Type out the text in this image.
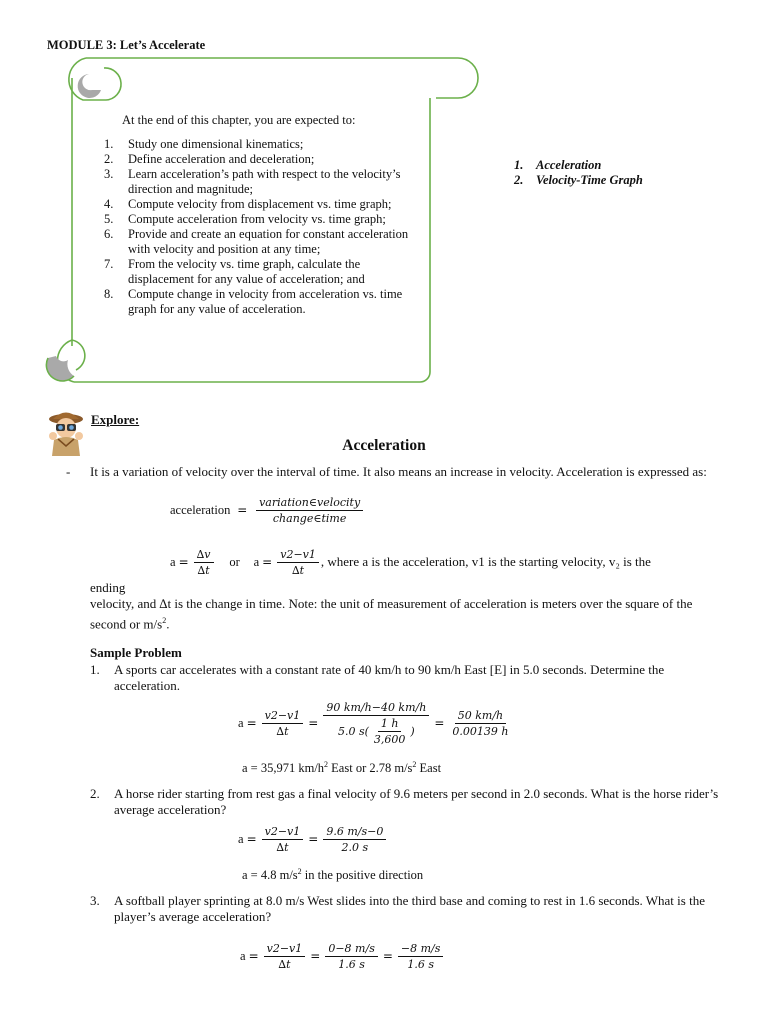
MODULE 3: Let’s Accelerate
At the end of this chapter, you are expected to:
1. Study one dimensional kinematics;
2. Define acceleration and deceleration;
3. Learn acceleration’s path with respect to the velocity’s direction and magnitude;
4. Compute velocity from displacement vs. time graph;
5. Compute acceleration from velocity vs. time graph;
6. Provide and create an equation for constant acceleration with velocity and position at any time;
7. From the velocity vs. time graph, calculate the displacement for any value of acceleration; and
8. Compute change in velocity from acceleration vs. time graph for any value of acceleration.
1. Acceleration
2. Velocity-Time Graph
Explore:
Acceleration
- It is a variation of velocity over the interval of time. It also means an increase in velocity. Acceleration is expressed as:
acceleration = $\frac{\text{variation∈velocity}}{\text{change∈time}}$
$a = \frac{\Delta v}{\Delta t}$ or $a = \frac{v2-v1}{\Delta t}$ , where a is the acceleration, v1 is the starting velocity, v₂ is the
ending
velocity, and ∆t is the change in time. Note: the unit of measurement of acceleration is meters over the square of the second or $m/s^2$.
Sample Problem
1. A sports car accelerates with a constant rate of 40 km/h to 90 km/h East [E] in 5.0 seconds. Determine the acceleration.
$a = \frac{v2-v1}{\Delta t} = \frac{90 km/h-40 km/h}{5.0 s( \frac{1 h}{3,600} )} = \frac{50 km/h}{0.00139 h}$
a = 35,971 $km/h^2$ East or 2.78 $m/s^2$ East
2. A horse rider starting from rest gas a final velocity of 9.6 meters per second in 2.0 seconds. What is the horse rider’s average acceleration?
$a = \frac{v2-v1}{\Delta t} = \frac{9.6 m/s-0}{2.0 s}$
a = 4.8 $m/s^2$ in the positive direction
3. A softball player sprinting at 8.0 m/s West slides into the third base and coming to rest in 1.6 seconds. What is the player’s average acceleration?
$a = \frac{v2-v1}{\Delta t} = \frac{0-8 m/s}{1.6 s} = \frac{-8 m/s}{1.6 s}$
